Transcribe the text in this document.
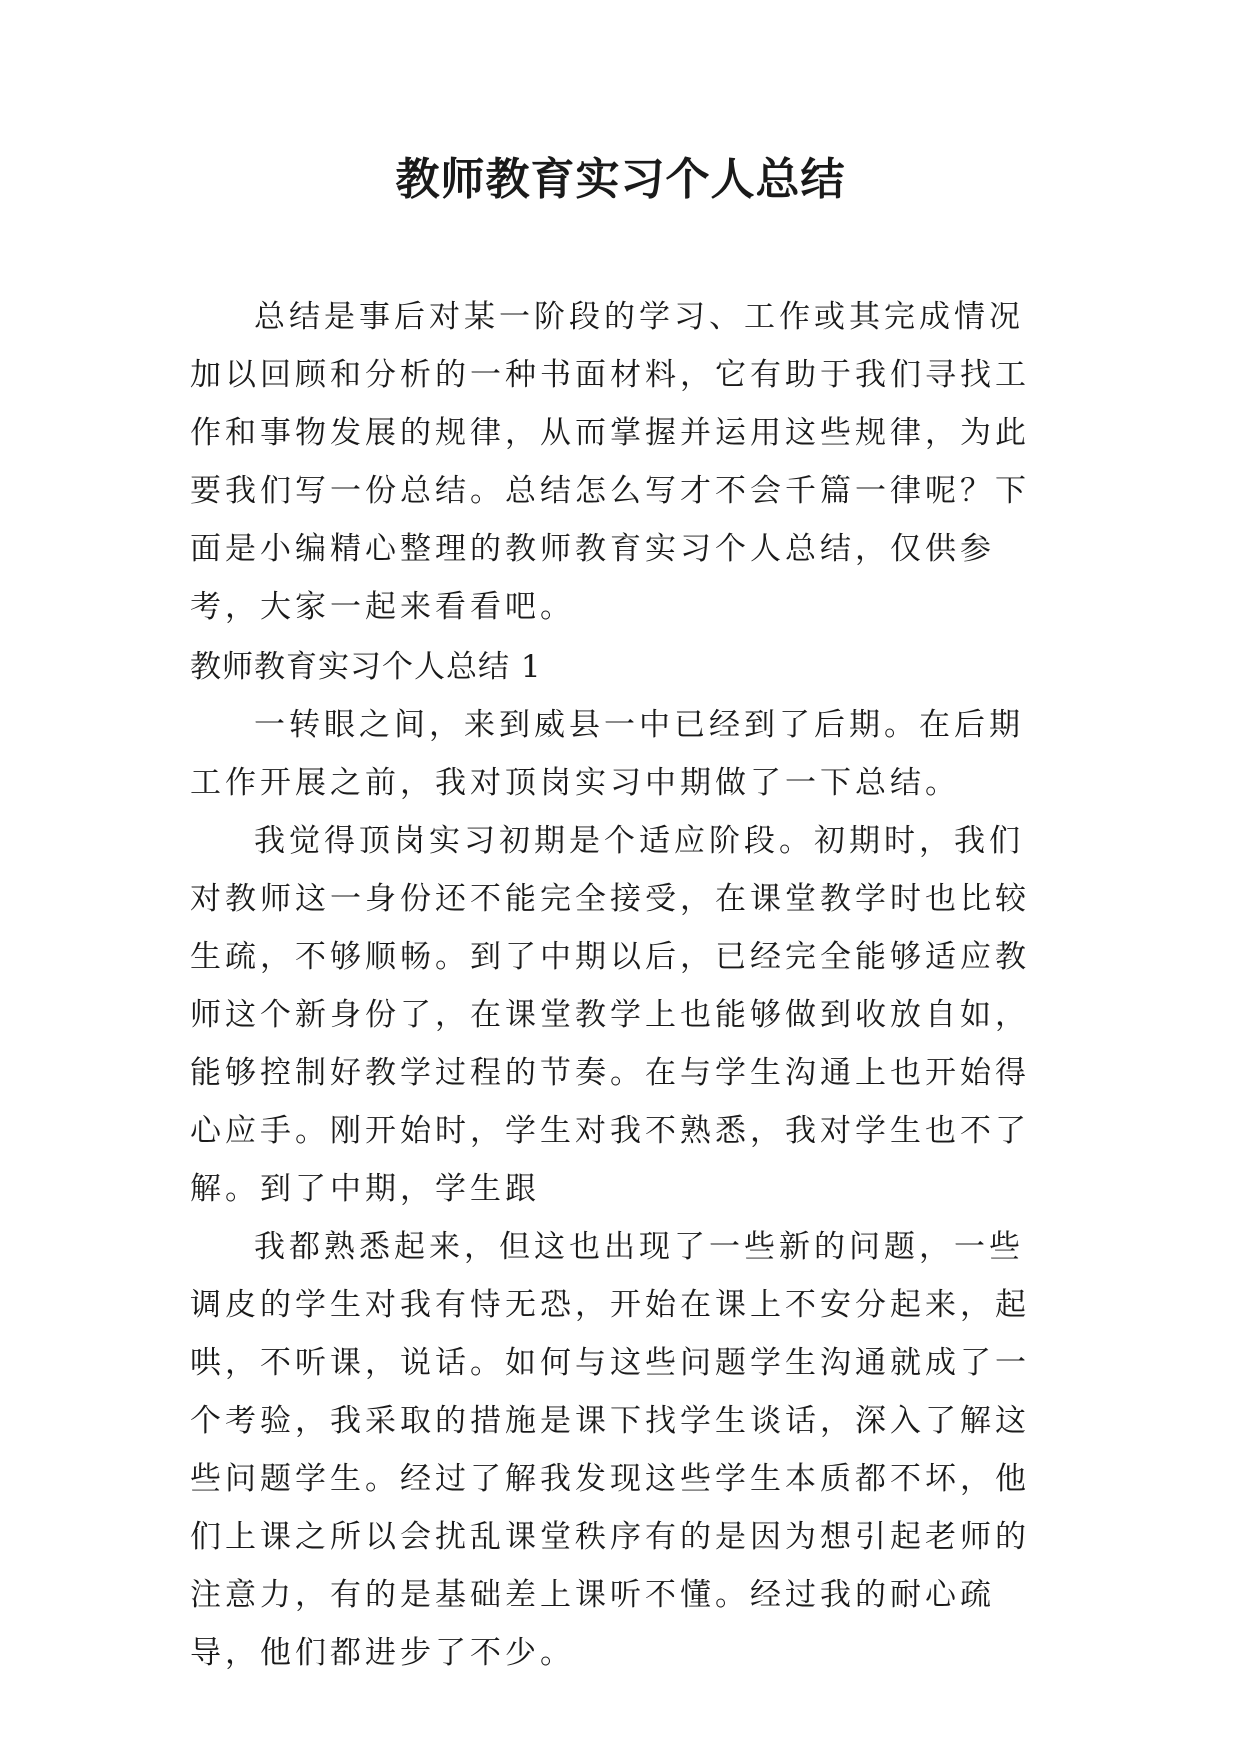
教师教育实习个人总结

总结是事后对某一阶段的学习、工作或其完成情况加以回顾和分析的一种书面材料，它有助于我们寻找工作和事物发展的规律，从而掌握并运用这些规律，为此要我们写一份总结。总结怎么写才不会千篇一律呢？下面是小编精心整理的教师教育实习个人总结，仅供参考，大家一起来看看吧。

教师教育实习个人总结 1

一转眼之间，来到威县一中已经到了后期。在后期工作开展之前，我对顶岗实习中期做了一下总结。

我觉得顶岗实习初期是个适应阶段。初期时，我们对教师这一身份还不能完全接受，在课堂教学时也比较生疏，不够顺畅。到了中期以后，已经完全能够适应教师这个新身份了，在课堂教学上也能够做到收放自如，能够控制好教学过程的节奏。在与学生沟通上也开始得心应手。刚开始时，学生对我不熟悉，我对学生也不了解。到了中期，学生跟

我都熟悉起来，但这也出现了一些新的问题，一些调皮的学生对我有恃无恐，开始在课上不安分起来，起哄，不听课，说话。如何与这些问题学生沟通就成了一个考验，我采取的措施是课下找学生谈话，深入了解这些问题学生。经过了解我发现这些学生本质都不坏，他们上课之所以会扰乱课堂秩序有的是因为想引起老师的注意力，有的是基础差上课听不懂。经过我的耐心疏导，他们都进步了不少。
